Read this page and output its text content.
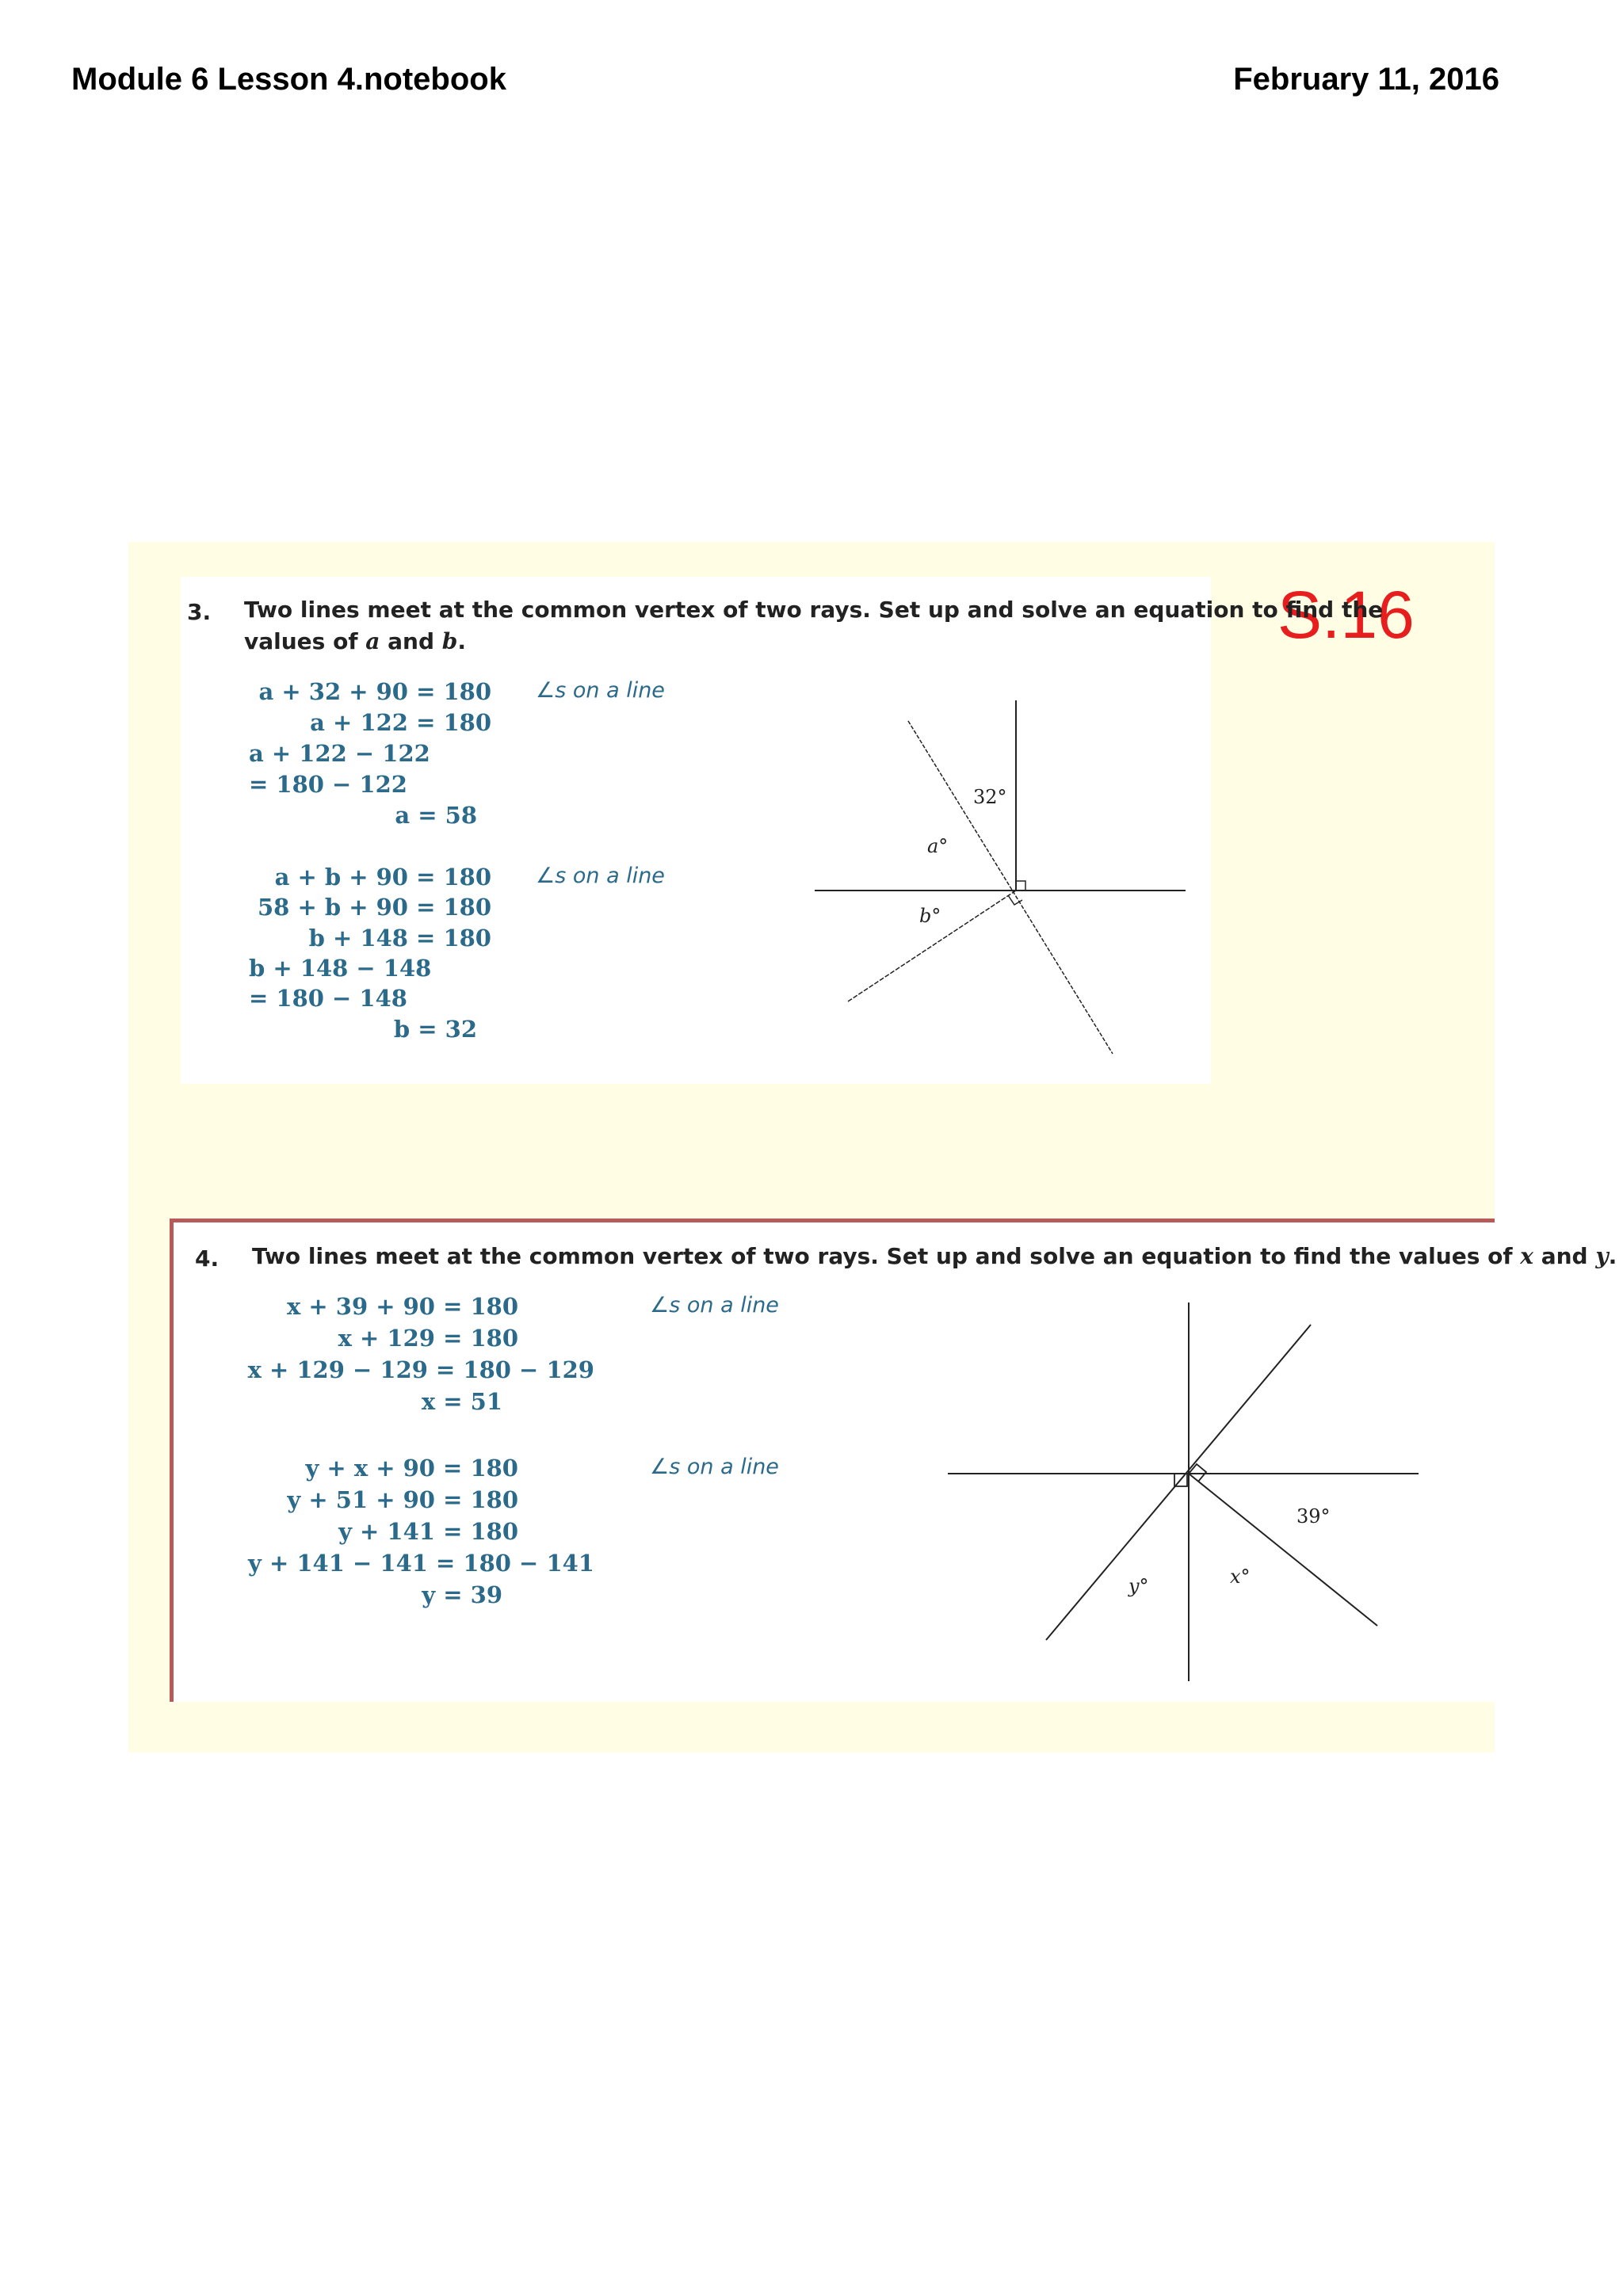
Module 6 Lesson 4.notebook	February 11, 2016
S.16
3. Two lines meet at the common vertex of two rays. Set up and solve an equation to find the
values of a and b.
a + 32 + 90 = 180
a + 122 = 180
a + 122 − 122
= 180 − 122
a = 58
∠s on a line
a + b + 90 = 180
58 + b + 90 = 180
b + 148 = 180
b + 148 − 148
= 180 − 148
b = 32
∠s on a line
32°
a°
b°
4. Two lines meet at the common vertex of two rays. Set up and solve an equation to find the values of x and y.
x + 39 + 90 = 180
x + 129 = 180
x + 129 − 129 = 180 − 129
x = 51
∠s on a line
y + x + 90 = 180
y + 51 + 90 = 180
y + 141 = 180
y + 141 − 141 = 180 − 141
y = 39
∠s on a line
39°
x°
y°
